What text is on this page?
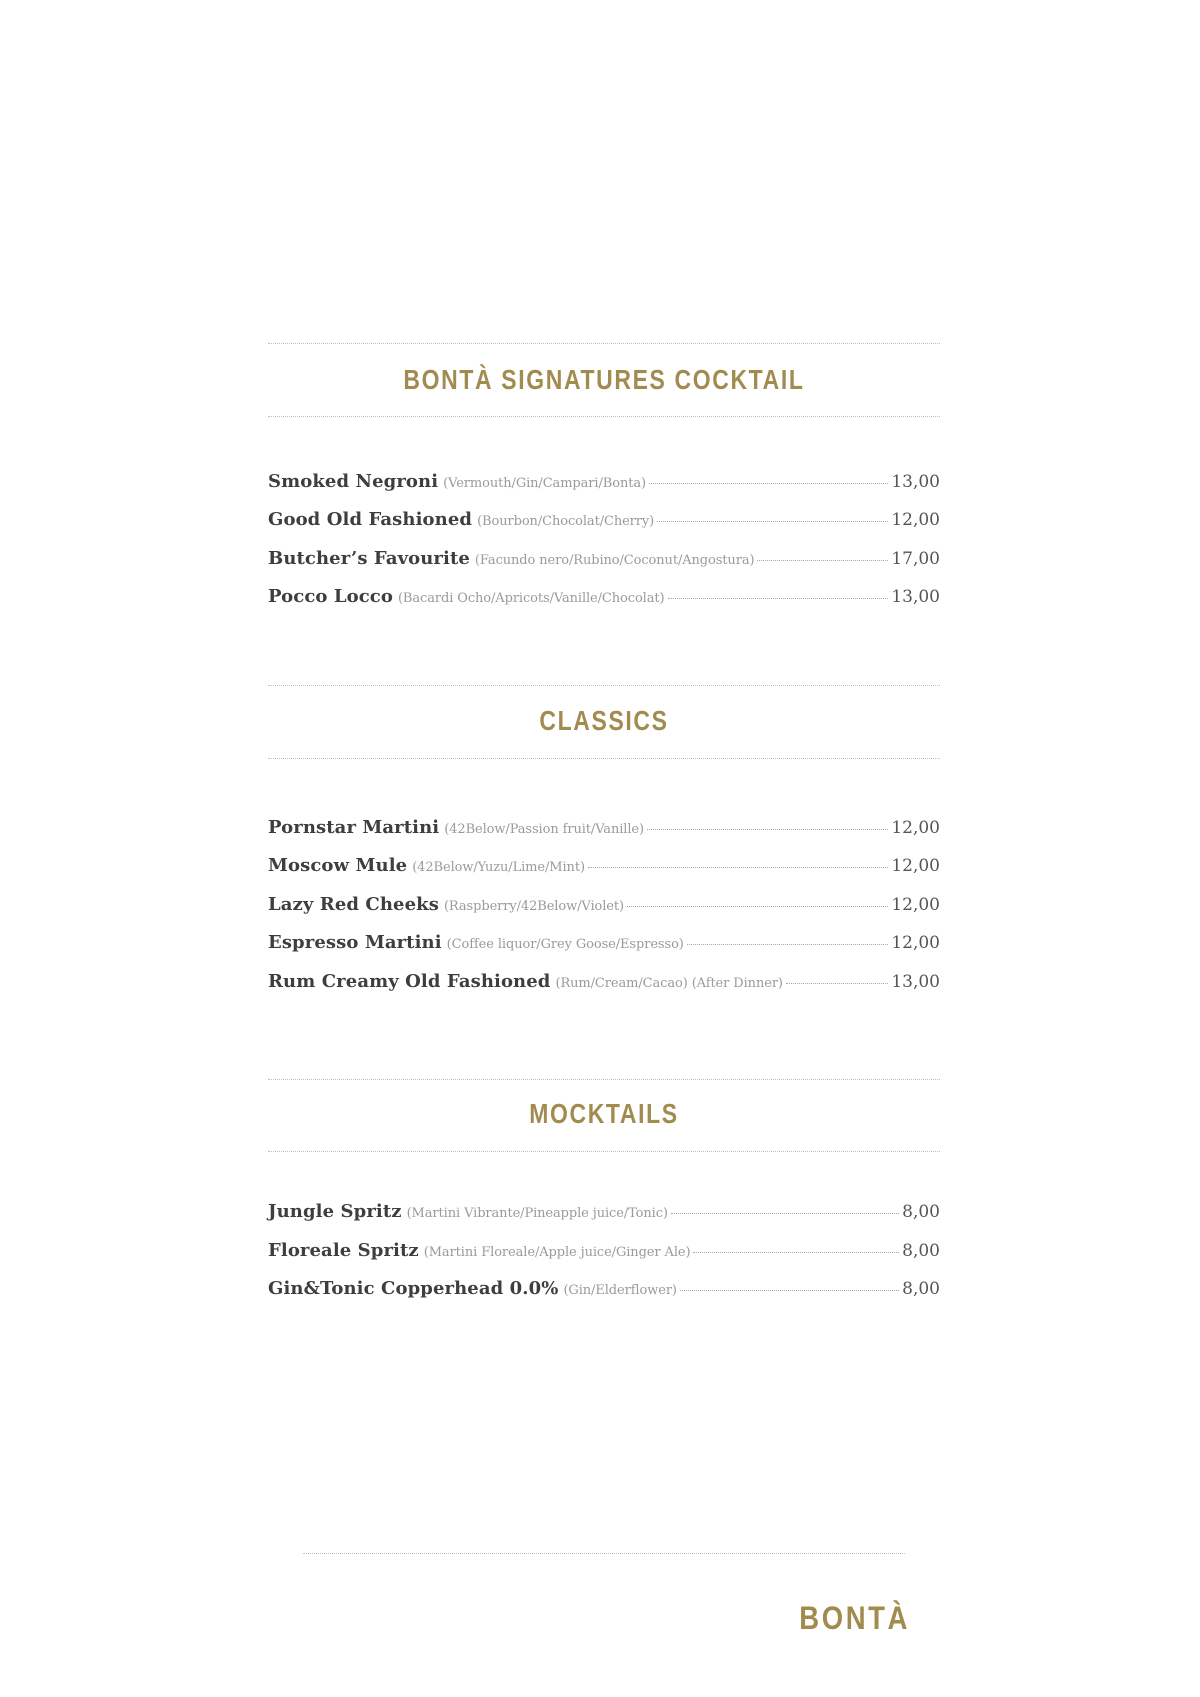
BONTÀ SIGNATURES COCKTAIL
Smoked Negroni (Vermouth/Gin/Campari/Bonta)	13,00
Good Old Fashioned (Bourbon/Chocolat/Cherry)	12,00
Butcher’s Favourite (Facundo nero/Rubino/Coconut/Angostura)	17,00
Pocco Locco (Bacardi Ocho/Apricots/Vanille/Chocolat)	13,00
CLASSICS
Pornstar Martini (42Below/Passion fruit/Vanille)	12,00
Moscow Mule (42Below/Yuzu/Lime/Mint)	12,00
Lazy Red Cheeks (Raspberry/42Below/Violet)	12,00
Espresso Martini (Coffee liquor/Grey Goose/Espresso)	12,00
Rum Creamy Old Fashioned (Rum/Cream/Cacao) (After Dinner)	13,00
MOCKTAILS
Jungle Spritz (Martini Vibrante/Pineapple juice/Tonic)	8,00
Floreale Spritz (Martini Floreale/Apple juice/Ginger Ale)	8,00
Gin&Tonic Copperhead 0.0% (Gin/Elderflower)	8,00
BONTÀ
